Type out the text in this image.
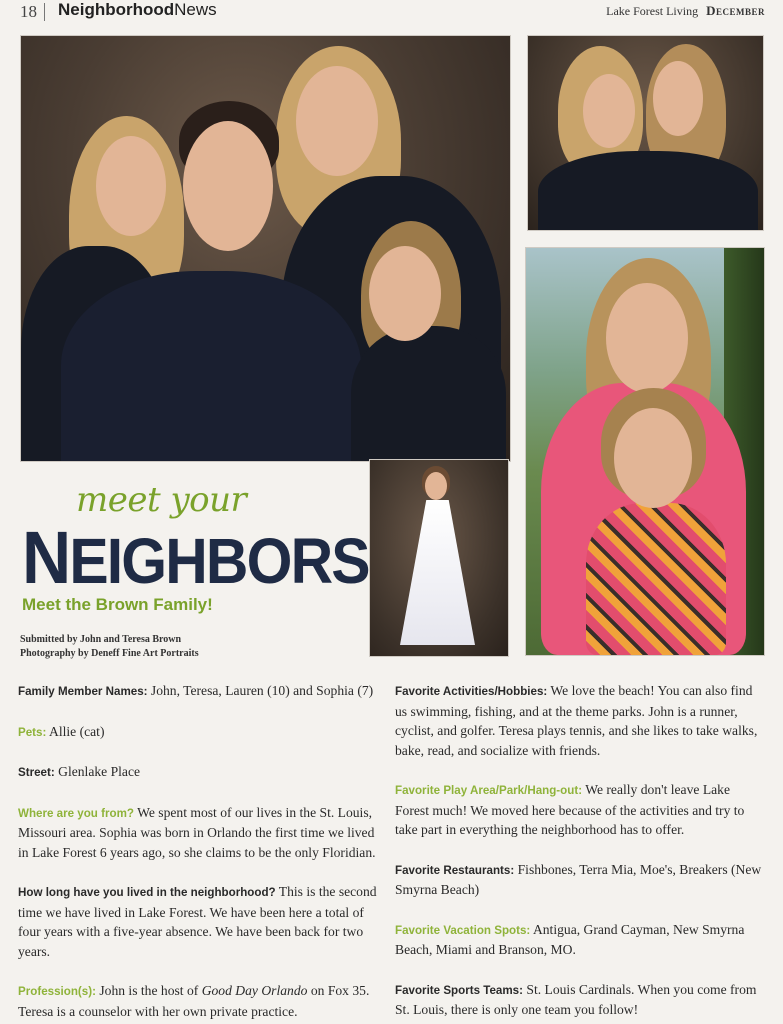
18 NeighborhoodNews	Lake Forest Living December
meet your
NEIGHBORS
Meet the Brown Family!
Submitted by John and Teresa Brown
Photography by Deneff Fine Art Portraits

Family Member Names: John, Teresa, Lauren (10) and Sophia (7)

Pets: Allie (cat)

Street: Glenlake Place

Where are you from? We spent most of our lives in the St. Louis, Missouri area. Sophia was born in Orlando the first time we lived in Lake Forest 6 years ago, so she claims to be the only Floridian.

How long have you lived in the neighborhood? This is the second time we have lived in Lake Forest. We have been here a total of four years with a five-year absence. We have been back for two years.

Profession(s): John is the host of Good Day Orlando on Fox 35. Teresa is a counselor with her own private practice.

Favorite Activities/Hobbies: We love the beach! You can also find us swimming, fishing, and at the theme parks. John is a runner, cyclist, and golfer. Teresa plays tennis, and she likes to take walks, bake, read, and socialize with friends.

Favorite Play Area/Park/Hang-out: We really don't leave Lake Forest much! We moved here because of the activities and try to take part in everything the neighborhood has to offer.

Favorite Restaurants: Fishbones, Terra Mia, Moe's, Breakers (New Smyrna Beach)

Favorite Vacation Spots: Antigua, Grand Cayman, New Smyrna Beach, Miami and Branson, MO.

Favorite Sports Teams: St. Louis Cardinals. When you come from St. Louis, there is only one team you follow!
